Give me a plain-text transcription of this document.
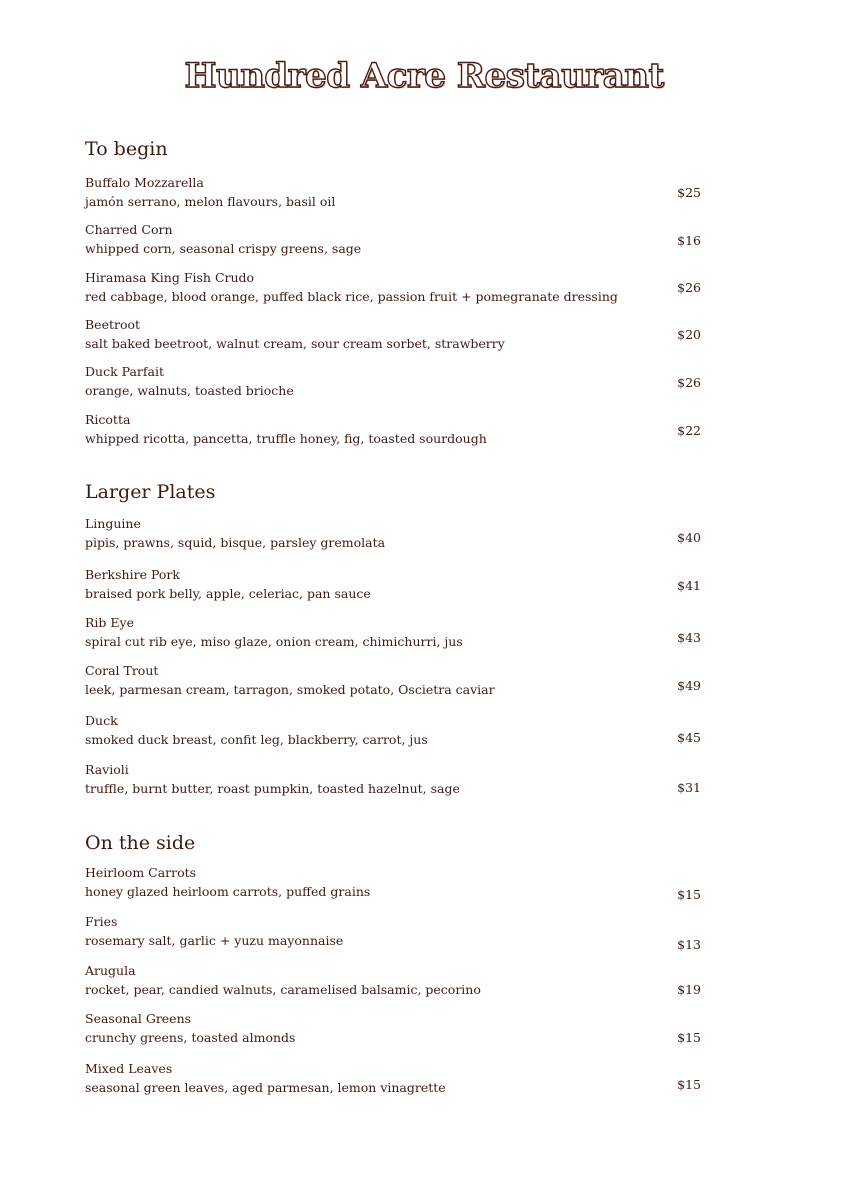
Hundred Acre Restaurant
To begin
Buffalo Mozzarella
jamón serrano, melon flavours, basil oil
$25
Charred Corn
whipped corn, seasonal crispy greens, sage
$16
Hiramasa King Fish Crudo
red cabbage, blood orange, puffed black rice, passion fruit + pomegranate dressing
$26
Beetroot
salt baked beetroot, walnut cream, sour cream sorbet, strawberry
$20
Duck Parfait
orange, walnuts, toasted brioche
$26
Ricotta
whipped ricotta, pancetta, truffle honey, fig, toasted sourdough
$22
Larger Plates
Linguine
pipis, prawns, squid, bisque, parsley gremolata	$40
Berkshire Pork
braised pork belly, apple, celeriac, pan sauce
$41
Rib Eye
spiral cut rib eye, miso glaze, onion cream, chimichurri, jus	$43
Coral Trout
leek, parmesan cream, tarragon, smoked potato, Oscietra caviar	$49
Duck
smoked duck breast, confit leg, blackberry, carrot, jus	$45
Ravioli
truffle, burnt butter, roast pumpkin, toasted hazelnut, sage	$31
On the side
Heirloom Carrots
honey glazed heirloom carrots, puffed grains	$15
Fries
rosemary salt, garlic + yuzu mayonnaise	$13
Arugula
rocket, pear, candied walnuts, caramelised balsamic, pecorino	$19
Seasonal Greens
crunchy greens, toasted almonds	$15
Mixed Leaves
seasonal green leaves, aged parmesan, lemon vinagrette	$15
